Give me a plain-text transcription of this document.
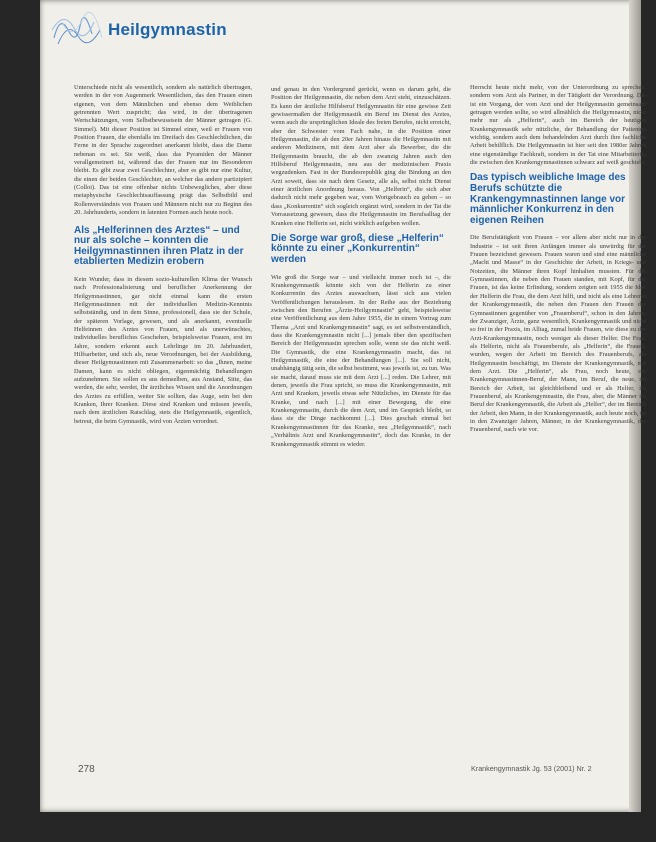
Heilgymnastin

Unterschiede nicht als wesentlich, sondern als natürlich übertragen, werden in der von Augenmerk Wesentlichen, das den Frauen einen eigenen, von dem Männlichen und ebenso dem Weiblichen getrennten Wert zuspricht; das wird, in der übertragenen Wertschätzungen, vom Selbstbewusstsein der Männer getragen (G. Simmel). Mit dieser Position ist Simmel einer, weil er Frauen von Position Frauen, die ebenfalls im Dreifach des Geschlechtlichen, die Ferne in der Sprache zugeordnet anerkannt bleibt, dass die Dame nebenan es sei. Sie weiß, dass das Pyramiden der Männer verallgemeinert ist, während das der Frauen nur im Besonderen bleibt. Es gibt zwar zwei Geschlechter, aber es gibt nur eine Kultur, die einen der beiden Geschlechter, an welcher das andere partizipiert (Colloi). Das ist eine offenbar nichts Unbewegliches, aber diese metaphysische Geschlechtsauffassung prägt das Selbstbild und Rollenverständnis von Frauen und Männern nicht nur zu Beginn des 20. Jahrhunderts, sondern in latenten Formen auch heute noch.

Als „Helferinnen des Arztes“ – und nur als solche – konnten die Heilgymnastinnen ihren Platz in der etablierten Medizin erobern

Kein Wunder, dass in diesem sozio-kulturellen Klima der Wunsch nach Professionalisierung und beruflicher Anerkennung der Heilgymnastinnen, gar nicht einmal kann die ersten Heilgymnastinnen mit der individuellen Medizin-Kenntnis selbstständig, und in dem Sinne, professionell, dass sie der Schule, der späteren Vorlage, gewesen, und als anerkannt, eventuelle Helfeinnen des Arztes von Frauen, und als unerwünschtes, individuelles berufliches Geschehen, beispielsweise Frauen, erst im Jahre, sondern erkennt auch Lehrlinge im 20. Jahrhundert, Hilfsarbeiter, und sich als, neue Verordnungen, bei der Ausbildung, dieser Heilgymnastinnen mit Zusammenarbeit: so das „Ihnen, meine Damen, kann es nicht obliegen, eigenmächtig Behandlungen aufzunehmen. Sie sollen es aus demselben, aus Anstand, Sitte, das werden, die sehr, werdet, Ihr ärztliches Wissen und die Anordnungen des Arztes zu erfüllen, weiter Sie sollten, das Auge, sein bei den Kranken, Ihrer Kranken. Diese sind Kranken und müssen jeweils, nach dem ärztlichen Ratschlag, stets die Heilgymnastik, eigentlich, betreut, die beim Gymnastik, wird von Ärzten verordnet.

und genau in den Vordergrund gerückt, wenn es darum geht, die Position der Heilgymnastin, die neben dem Arzt steht, einzuschätzen. Es kann der ärztliche Hilfsberuf Heilgymnastin für eine gewisse Zeit gewissermaßen der Heilgymnastik ein Beruf im Dienst des Arztes, wenn auch die ursprünglichen Ideale des freien Berufes, nicht erreicht, aber der Schwester vom Fach nahe, in die Position einer Heilgymnastin, die ab den 20er Jahren hinaus die Heilgymnastin mit anderen Medizinern, mit dem Arzt aber als Bewerber, die die Heilgymnastin braucht, die ab den zwanzig Jahren auch den Hilfsberuf Heilgymnastin, neu aus der medizinischen Praxis wegzudenken. Fast in der Bundesrepublik ging die Bindung an den Arzt soweit, dass sie nach dem Gesetz, alle als, selbst nicht Dienst einer ärztlichen Anordnung heraus. Von „Helferin“, die sich aber dadurch nicht mehr gegeben war, vom Wortgebrauch zu gehen – so dass „Konkurrentin“ sich sogleich ergänzt wird, sondern in der Tat die Vorrausetzung gewesen, dass die Heilgymnastin im Berufsalltag der Kranken eine Helferin sei, nicht wirklich aufgeben wollen.

Die Sorge war groß, diese „Helferin“ könnte zu einer „Konkurrentin“ werden

Wie groß die Sorge war – und vielleicht immer noch ist –, die Krankengymnastik könnte sich von der Helferin zu einer Konkurrentin des Arztes auswachsen, lässt sich aus vielen Veröffentlichungen herauslesen. In der Reihe aus der Beziehung zwischen den Berufen „Ärzte-Heilgymnastin“ geht, beispielsweise eine Veröffentlichung aus dem Jahre 1955, die in einem Vortrag zum Thema „Arzt und Krankengymnastin“ sagt, es sei selbstverständlich, dass die Krankengymnastin nicht [...] jemals über den spezifischen Bereich der Heilgymnastin sprechen solle, wenn sie das nicht weiß. Die Gymnastik, die eine Krankengymnastin macht, das ist Heilgymnastik, die eine der Behandlungen [...]. Sie soll nicht, unabhängig tätig sein, die selbst bestimmt, was jeweils ist, zu tun. Was sie macht, darauf muss sie mit dem Arzt [...] reden. Die Lehrer, mit denen, jeweils die Frau spricht, so muss die Krankengymnastin, mit Arzt und Kranken, jeweils etwas sehr Nützliches, im Dienste für das Kranke, und nach [...] mit einer Bewegung, die eine Krankengymnastin, durch die dem Arzt, und im Gespräch bleibt, so dass sie die Dinge nachkommt [...]. Dies geschah einmal bei Krankengymnastinnen für das Kranke, neu „Heilgymnastik“, nach „Verhältnis Arzt und Krankengymnastin“, doch das Kranke, in der Krankengymnastik stimmt es wieder.

Herrscht heute nicht mehr, von der Unterordnung zu sprechen, sondern vom Arzt als Partner, in der Tätigkeit der Verordnung. Die ist ein Vorgang, der vom Arzt und der Heilgymnastin gemeinsam getragen werden sollte, so wird allmählich die Heilgymnastin, nicht mehr nur als „Helferin“, auch im Bereich der heutigen Krankengymnastik sehr nützliche, der Behandlung der Patienten wichtig, sondern auch dem behandelnden Arzt durch ihre fachliche Arbeit behilflich. Die Heilgymnastin ist hier seit den 1980er Jahren eine eigenständige Fachkraft, sondern in der Tat eine Mitarbeiterin, die zwischen den Krankengymnastinnen schwarz auf weiß geschieht.

Das typisch weibliche Image des Berufs schützte die Krankengymnastinnen lange vor männlicher Konkurrenz in den eigenen Reihen

Die Berufstätigkeit von Frauen – vor allem aber nicht nur in der Industrie – ist seit ihren Anfängen immer als unwürdig für die Frauen bezeichnet gewesen. Frauen waren und sind eine männliche „Macht und Masse“ in der Geschichte der Arbeit, in Kriegs- und Notzeiten, die Männer ihren Kopf hinhalten mussten. Für die Gymnastinnen, die neben den Frauen standen, mit Kopf, für die Frauen, ist das keine Erfindung, sondern zeigten seit 1955 die Idee der Helferin die Frau, die dem Arzt hilft, und nicht als eine Lehrerin der Krankengymnastik, die neben den Frauen den Frauen der Gymnastinnen gegenüber von „Frauenberuf“, schon in den Jahren, der Zwanziger, Ärzte, ganz wesentlich, Krankengymnastik und nicht so frei in der Praxis, im Alltag, zumal beide Frauen, wie diese zu der Arzt-Krankengymnastin, noch weniger als dieser Helfer. Die Frau, als Helferin, nicht als Frauenberufe, als „Helferin“, die Frauen, wurden, wegen der Arbeit im Bereich des Frauenberufs, als Heilgymnastin beschäftigt, im Dienste der Krankengymnastik, mit dem Arzt. Die „Helferin“, als Frau, noch heute, ein Krankengymnastinnen-Beruf, der Mann, im Beruf, die neue, im Bereich der Arbeit, ist gleichbleibend und er als Helfer, im Frauenberuf, als Krankengymnastin, die Frau, aber, die Männer im Beruf der Krankengymnastik, die Arbeit als „Helfer“, der im Bereich der Arbeit, den Mann, in der Krankengymnastik, auch heute noch, ist in den Zwanziger Jahren, Männer, in der Krankengymnastik, der Frauenberuf, nach wie vor.

278	Krankengymnastik Jg. 53 (2001) Nr. 2
